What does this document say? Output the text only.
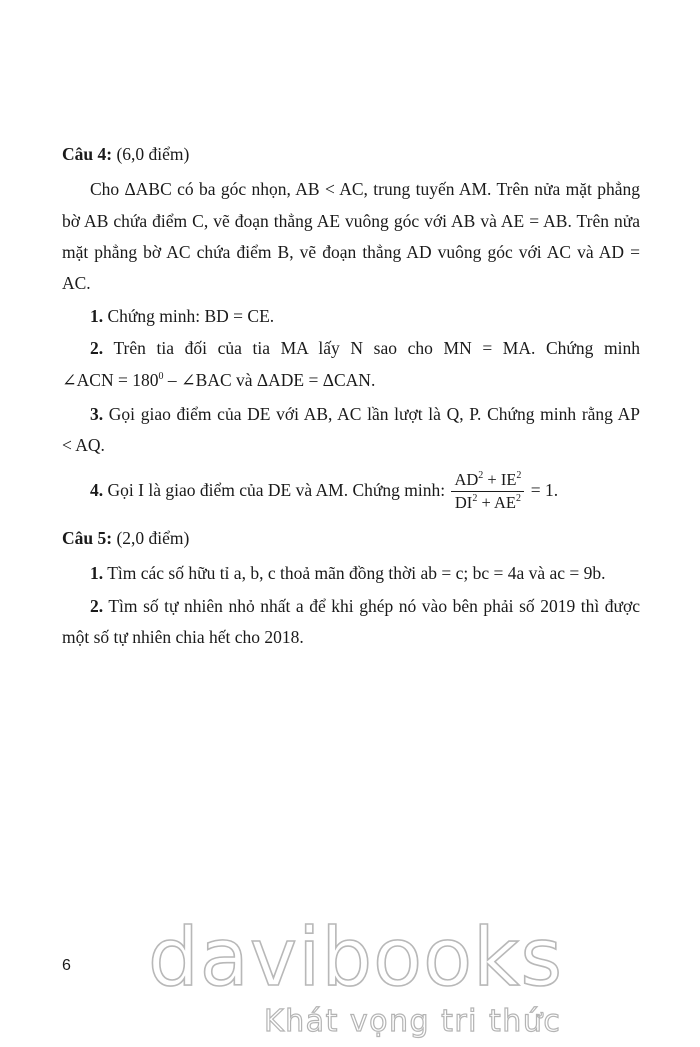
Câu 4: (6,0 điểm)
Cho ΔABC có ba góc nhọn, AB < AC, trung tuyến AM. Trên nửa mặt phẳng
bờ AB chứa điểm C, vẽ đoạn thẳng AE vuông góc với AB và AE = AB. Trên nửa
mặt phẳng bờ AC chứa điểm B, vẽ đoạn thẳng AD vuông góc với AC và AD =
AC.
1. Chứng minh: BD = CE.
2. Trên tia đối của tia MA lấy N sao cho MN = MA. Chứng minh
∠ACN = $180^0$ – ∠BAC và ΔADE = ΔCAN.
3. Gọi giao điểm của DE với AB, AC lần lượt là Q, P. Chứng minh rằng AP
< AQ.
4. Gọi I là giao điểm của DE và AM. Chứng minh: $\frac{AD^2 + IE^2}{DI^2 + AE^2} = 1$.
Câu 5: (2,0 điểm)
1. Tìm các số hữu tỉ a, b, c thoả mãn đồng thời ab = c; bc = 4a và ac = 9b.
2. Tìm số tự nhiên nhỏ nhất a để khi ghép nó vào bên phải số 2019 thì được
một số tự nhiên chia hết cho 2018.
6 davibooks
Khát vọng tri thức
